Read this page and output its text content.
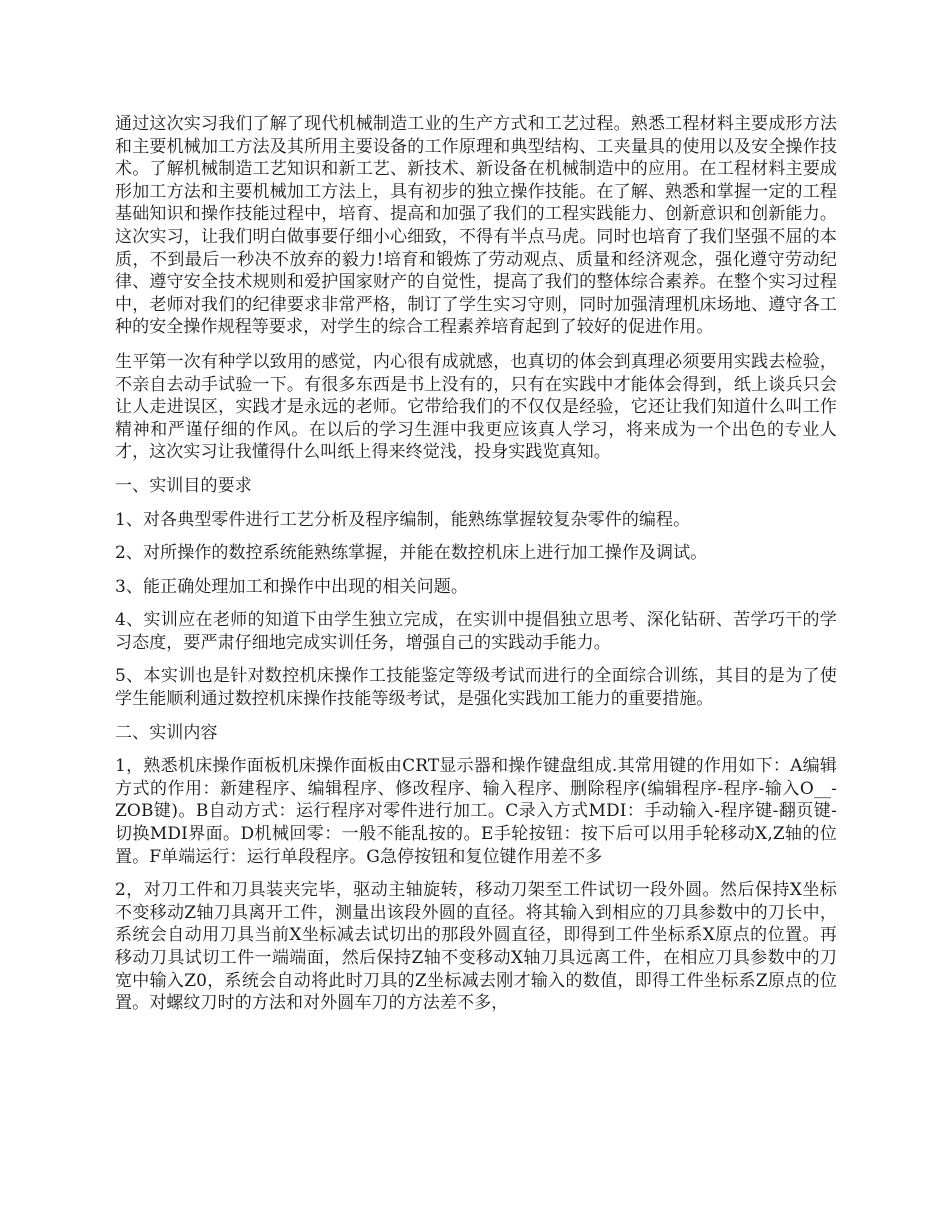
通过这次实习我们了解了现代机械制造工业的生产方式和工艺过程。熟悉工程材料主要成形方法和主要机械加工方法及其所用主要设备的工作原理和典型结构、工夹量具的使用以及安全操作技术。了解机械制造工艺知识和新工艺、新技术、新设备在机械制造中的应用。在工程材料主要成形加工方法和主要机械加工方法上，具有初步的独立操作技能。在了解、熟悉和掌握一定的工程基础知识和操作技能过程中，培育、提高和加强了我们的工程实践能力、创新意识和创新能力。这次实习，让我们明白做事要仔细小心细致，不得有半点马虎。同时也培育了我们坚强不屈的本质，不到最后一秒决不放弃的毅力!培育和锻炼了劳动观点、质量和经济观念，强化遵守劳动纪律、遵守安全技术规则和爱护国家财产的自觉性，提高了我们的整体综合素养。在整个实习过程中，老师对我们的纪律要求非常严格，制订了学生实习守则，同时加强清理机床场地、遵守各工种的安全操作规程等要求，对学生的综合工程素养培育起到了较好的促进作用。

生平第一次有种学以致用的感觉，内心很有成就感，也真切的体会到真理必须要用实践去检验，不亲自去动手试验一下。有很多东西是书上没有的，只有在实践中才能体会得到，纸上谈兵只会让人走进误区，实践才是永远的老师。它带给我们的不仅仅是经验，它还让我们知道什么叫工作精神和严谨仔细的作风。在以后的学习生涯中我更应该真人学习，将来成为一个出色的专业人才，这次实习让我懂得什么叫纸上得来终觉浅，投身实践览真知。

一、实训目的要求

1、对各典型零件进行工艺分析及程序编制，能熟练掌握较复杂零件的编程。

2、对所操作的数控系统能熟练掌握，并能在数控机床上进行加工操作及调试。

3、能正确处理加工和操作中出现的相关问题。

4、实训应在老师的知道下由学生独立完成，在实训中提倡独立思考、深化钻研、苦学巧干的学习态度，要严肃仔细地完成实训任务，增强自己的实践动手能力。

5、本实训也是针对数控机床操作工技能鉴定等级考试而进行的全面综合训练，其目的是为了使学生能顺利通过数控机床操作技能等级考试，是强化实践加工能力的重要措施。

二、实训内容

1，熟悉机床操作面板机床操作面板由CRT显示器和操作键盘组成.其常用键的作用如下：A编辑方式的作用：新建程序、编辑程序、修改程序、输入程序、删除程序(编辑程序-程序-输入O__-ZOB键)。B自动方式：运行程序对零件进行加工。C录入方式MDI：手动输入-程序键-翻页键-切换MDI界面。D机械回零：一般不能乱按的。E手轮按钮：按下后可以用手轮移动X,Z轴的位置。F单端运行：运行单段程序。G急停按钮和复位键作用差不多

2，对刀工件和刀具装夹完毕，驱动主轴旋转，移动刀架至工件试切一段外圆。然后保持X坐标不变移动Z轴刀具离开工件，测量出该段外圆的直径。将其输入到相应的刀具参数中的刀长中，系统会自动用刀具当前X坐标减去试切出的那段外圆直径，即得到工件坐标系X原点的位置。再移动刀具试切工件一端端面，然后保持Z轴不变移动X轴刀具远离工件，在相应刀具参数中的刀宽中输入Z0，系统会自动将此时刀具的Z坐标减去刚才输入的数值，即得工件坐标系Z原点的位置。对螺纹刀时的方法和对外圆车刀的方法差不多，
